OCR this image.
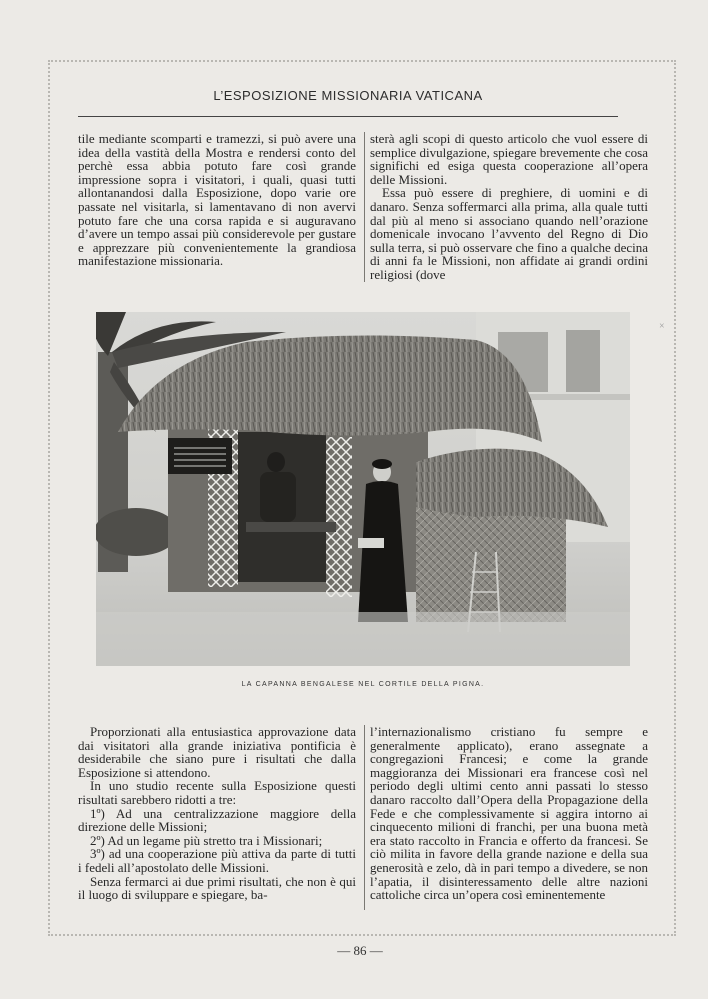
L’ESPOSIZIONE MISSIONARIA VATICANA

tile mediante scomparti e tramezzi, si può avere una idea della vastità della Mostra e rendersi conto del perchè essa abbia potuto fare così grande impressione sopra i visitatori, i quali, quasi tutti allontanandosi dalla Esposizione, dopo varie ore passate nel visitarla, si lamentavano di non avervi potuto fare che una corsa rapida e si auguravano d’avere un tempo assai più considerevole per gustare e apprezzare più convenientemente la grandiosa manifestazione missionaria.

sterà agli scopi di questo articolo che vuol essere di semplice divulgazione, spiegare brevemente che cosa significhi ed esiga questa cooperazione all’opera delle Missioni.

Essa può essere di preghiere, di uomini e di danaro. Senza soffermarci alla prima, alla quale tutti dal più al meno si associano quando nell’orazione domenicale invocano l’avvento del Regno di Dio sulla terra, si può osservare che fino a qualche decina di anni fa le Missioni, non affidate ai grandi ordini religiosi (dove

LA CAPANNA BENGALESE NEL CORTILE DELLA PIGNA.

Proporzionati alla entusiastica approvazione data dai visitatori alla grande iniziativa pontificia è desiderabile che siano pure i risultati che dalla Esposizione si attendono.

In uno studio recente sulla Esposizione questi risultati sarebbero ridotti a tre:

1º) Ad una centralizzazione maggiore della direzione delle Missioni;

2º) Ad un legame più stretto tra i Missionari;

3º) ad una cooperazione più attiva da parte di tutti i fedeli all’apostolato delle Missioni.

Senza fermarci ai due primi risultati, che non è qui il luogo di sviluppare e spiegare, ba-

l’internazionalismo cristiano fu sempre e generalmente applicato), erano assegnate a congregazioni Francesi; e come la grande maggioranza dei Missionari era francese così nel periodo degli ultimi cento anni passati lo stesso danaro raccolto dall’Opera della Propagazione della Fede e che complessivamente si aggira intorno ai cinquecento milioni di franchi, per una buona metà era stato raccolto in Francia e offerto da francesi. Se ciò milita in favore della grande nazione e della sua generosità e zelo, dà in pari tempo a divedere, se non l’apatia, il disinteressamento delle altre nazioni cattoliche circa un’opera così eminentemente

— 86 —
×
